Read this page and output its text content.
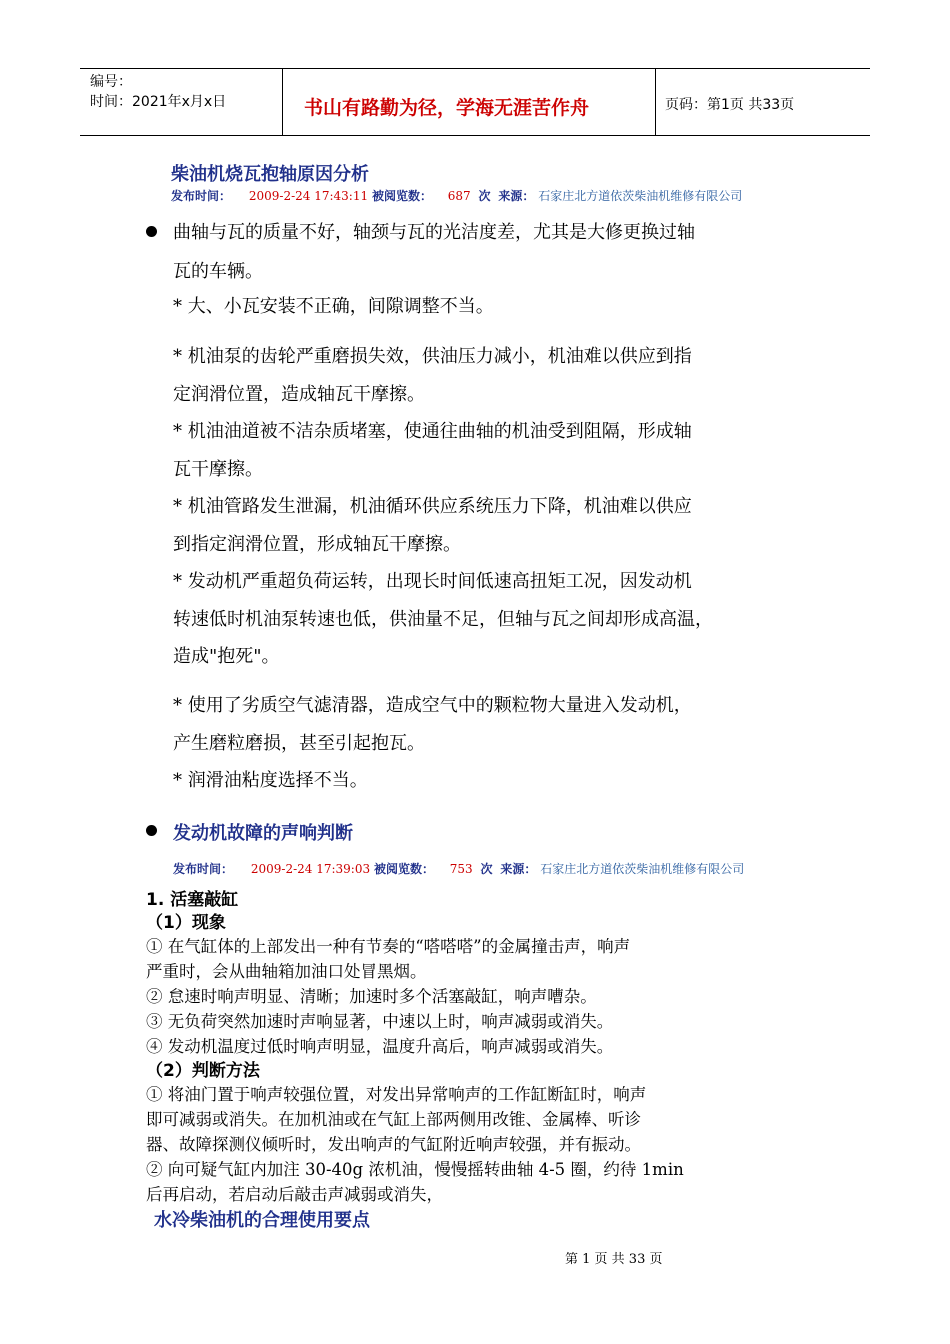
编号：
时间：2021年x月x日	书山有路勤为径，学海无涯苦作舟	页码：第1页 共33页
柴油机烧瓦抱轴原因分析
发布时间： 2009-2-24 17:43:11 被阅览数： 687 次 来源： 石家庄北方道依茨柴油机维修有限公司
曲轴与瓦的质量不好，轴颈与瓦的光洁度差，尤其是大修更换过轴
瓦的车辆。
* 大、小瓦安装不正确，间隙调整不当。
* 机油泵的齿轮严重磨损失效，供油压力减小，机油难以供应到指
定润滑位置，造成轴瓦干摩擦。
* 机油油道被不洁杂质堵塞，使通往曲轴的机油受到阻隔，形成轴
瓦干摩擦。
* 机油管路发生泄漏，机油循环供应系统压力下降，机油难以供应
到指定润滑位置，形成轴瓦干摩擦。
* 发动机严重超负荷运转，出现长时间低速高扭矩工况，因发动机
转速低时机油泵转速也低，供油量不足，但轴与瓦之间却形成高温，
造成"抱死"。
* 使用了劣质空气滤清器，造成空气中的颗粒物大量进入发动机，
产生磨粒磨损，甚至引起抱瓦。
* 润滑油粘度选择不当。
发动机故障的声响判断
发布时间： 2009-2-24 17:39:03 被阅览数： 753 次 来源： 石家庄北方道依茨柴油机维修有限公司
1. 活塞敲缸
（1）现象
① 在气缸体的上部发出一种有节奏的“嗒嗒嗒”的金属撞击声，响声
严重时，会从曲轴箱加油口处冒黑烟。
② 怠速时响声明显、清晰；加速时多个活塞敲缸，响声嘈杂。
③ 无负荷突然加速时声响显著，中速以上时，响声减弱或消失。
④ 发动机温度过低时响声明显，温度升高后，响声减弱或消失。
（2）判断方法
① 将油门置于响声较强位置，对发出异常响声的工作缸断缸时，响声
即可减弱或消失。在加机油或在气缸上部两侧用改锥、金属棒、听诊
器、故障探测仪倾听时，发出响声的气缸附近响声较强，并有振动。
② 向可疑气缸内加注 30-40g 浓机油，慢慢摇转曲轴 4-5 圈，约待 1min
后再启动，若启动后敲击声减弱或消失，
水冷柴油机的合理使用要点
第 1 页 共 33 页
